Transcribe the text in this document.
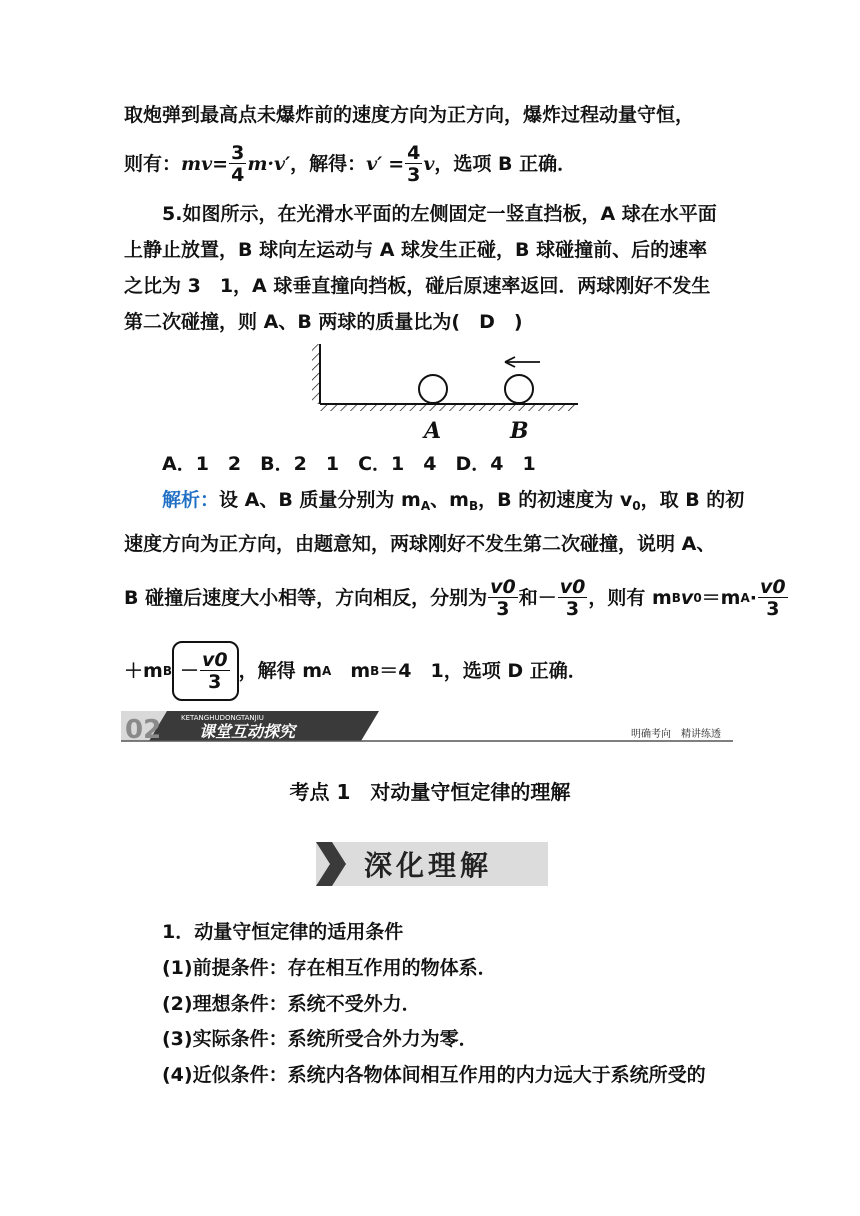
取炮弹到最高点未爆炸前的速度方向为正方向，爆炸过程动量守恒，
则有： mv = $\frac{3}{4} m\cdot v'$ ，解得： $v' = \frac{4}{3}$ v ，选项 B 正确．
5.如图所示，在光滑水平面的左侧固定一竖直挡板，A 球在水平面
上静止放置，B 球向左运动与 A 球发生正碰，B 球碰撞前、后的速率
之比为 3　1，A 球垂直撞向挡板，碰后原速率返回．两球刚好不发生
第二次碰撞，则 A、B 两球的质量比为(　D　)
A	B
A．1　2　B．2　1　C．1　4　D．4　1
解析：设 A、B 质量分别为 $m_A$、$m_B$，B 的初速度为 $v_0$，取 B 的初
速度方向为正方向，由题意知，两球刚好不发生第二次碰撞，说明 A、
B 碰撞后速度大小相等，方向相反，分别为 $\frac{v0}{3}$ 和－ $\frac{v0}{3}$ ，则有 m B v 0 ＝m $A \cdot \frac{v0}{3}$
＋m $B - \frac{v0}{3}$ ，解得 m A 　m B ＝4　1，选项 D 正确．
02	KETANGHUDONGTANJIU
课堂互动探究	明确考向　精讲练透
考点 1　对动量守恒定律的理解
深化理解
1．动量守恒定律的适用条件
(1)前提条件：存在相互作用的物体系．
(2)理想条件：系统不受外力．
(3)实际条件：系统所受合外力为零．
(4)近似条件：系统内各物体间相互作用的内力远大于系统所受的
